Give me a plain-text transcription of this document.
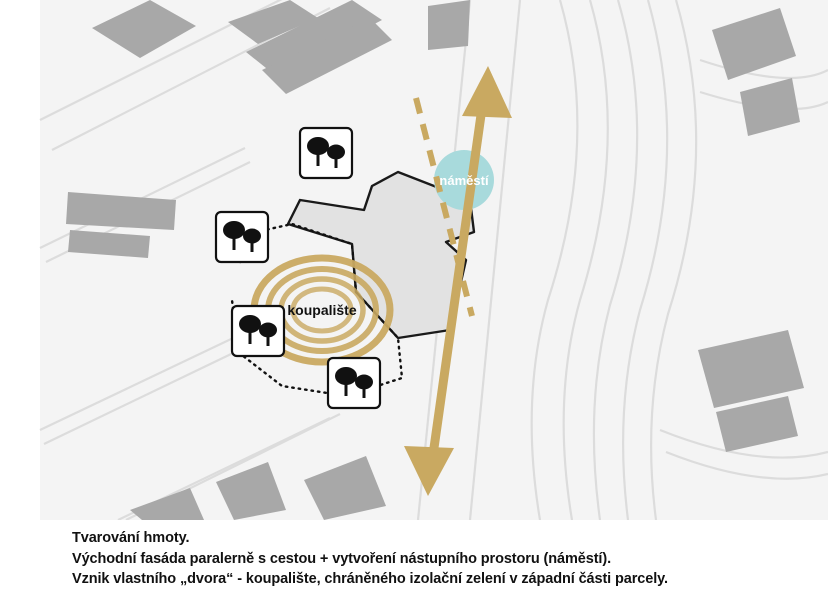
náměstí
koupalište
Tvarování hmoty.
Východní fasáda paralerně s cestou + vytvoření nástupního prostoru (náměstí).
Vznik vlastního „dvora“ - koupalište, chráněného izolační zelení v západní části parcely.
